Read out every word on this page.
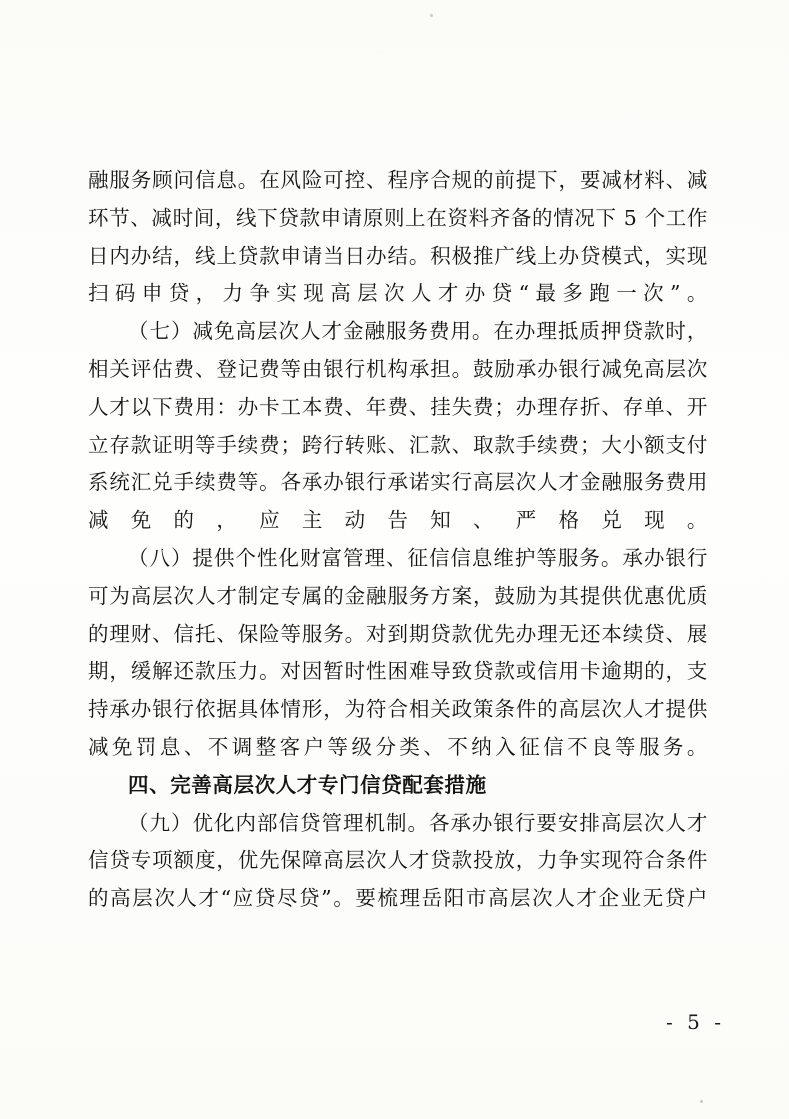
融服务顾问信息。在风险可控、程序合规的前提下，要减材料、减
环节、减时间，线下贷款申请原则上在资料齐备的情况下 5 个工作
日内办结，线上贷款申请当日办结。积极推广线上办贷模式，实现
扫码申贷，力争实现高层次人才办贷“最多跑一次”。

（七）减免高层次人才金融服务费用。在办理抵质押贷款时，
相关评估费、登记费等由银行机构承担。鼓励承办银行减免高层次
人才以下费用：办卡工本费、年费、挂失费；办理存折、存单、开
立存款证明等手续费；跨行转账、汇款、取款手续费；大小额支付
系统汇兑手续费等。各承办银行承诺实行高层次人才金融服务费用
减免的，应主动告知、严格兑现。

（八）提供个性化财富管理、征信信息维护等服务。承办银行
可为高层次人才制定专属的金融服务方案，鼓励为其提供优惠优质
的理财、信托、保险等服务。对到期贷款优先办理无还本续贷、展
期，缓解还款压力。对因暂时性困难导致贷款或信用卡逾期的，支
持承办银行依据具体情形，为符合相关政策条件的高层次人才提供
减免罚息、不调整客户等级分类、不纳入征信不良等服务。

四、完善高层次人才专门信贷配套措施

（九）优化内部信贷管理机制。各承办银行要安排高层次人才
信贷专项额度，优先保障高层次人才贷款投放，力争实现符合条件
的高层次人才“应贷尽贷”。要梳理岳阳市高层次人才企业无贷户

- 5 -
